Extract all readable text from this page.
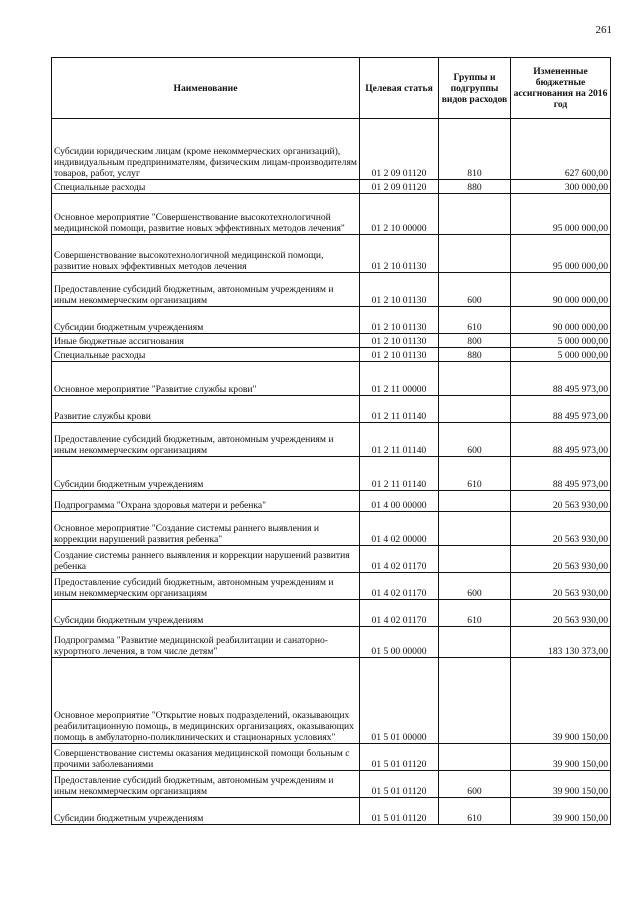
261
Наименование	Целевая статья	Группы и подгруппы видов расходов	Измененные бюджетные ассигнования на 2016 год
Субсидии юридическим лицам (кроме некоммерческих организаций), индивидуальным предпринимателям, физическим лицам-производителям товаров, работ, услуг	01 2 09 01120	810	627 600,00
Специальные расходы	01 2 09 01120	880	300 000,00
Основное мероприятие "Совершенствование высокотехнологичной медицинской помощи, развитие новых эффективных методов лечения"	01 2 10 00000		95 000 000,00
Совершенствование высокотехнологичной медицинской помощи, развитие новых эффективных методов лечения	01 2 10 01130		95 000 000,00
Предоставление субсидий бюджетным, автономным учреждениям и иным некоммерческим организациям	01 2 10 01130	600	90 000 000,00
Субсидии бюджетным учреждениям	01 2 10 01130	610	90 000 000,00
Иные бюджетные ассигнования	01 2 10 01130	800	5 000 000,00
Специальные расходы	01 2 10 01130	880	5 000 000,00
Основное мероприятие "Развитие службы крови"	01 2 11 00000		88 495 973,00
Развитие службы крови	01 2 11 01140		88 495 973,00
Предоставление субсидий бюджетным, автономным учреждениям и иным некоммерческим организациям	01 2 11 01140	600	88 495 973,00
Субсидии бюджетным учреждениям	01 2 11 01140	610	88 495 973,00
Подпрограмма "Охрана здоровья матери и ребенка"	01 4 00 00000		20 563 930,00
Основное мероприятие "Создание системы раннего выявления и коррекции нарушений развития ребенка"	01 4 02 00000		20 563 930,00
Создание системы раннего выявления и коррекции нарушений развития ребенка	01 4 02 01170		20 563 930,00
Предоставление субсидий бюджетным, автономным учреждениям и иным некоммерческим организациям	01 4 02 01170	600	20 563 930,00
Субсидии бюджетным учреждениям	01 4 02 01170	610	20 563 930,00
Подпрограмма "Развитие медицинской реабилитации и санаторно-курортного лечения, в том числе детям"	01 5 00 00000		183 130 373,00
Основное мероприятие "Открытие новых подразделений, оказывающих реабилитационную помощь, в медицинских организациях, оказывающих помощь в амбулаторно-поликлинических и стационарных условиях"	01 5 01 00000		39 900 150,00
Совершенствование системы оказания медицинской помощи больным с прочими заболеваниями	01 5 01 01120		39 900 150,00
Предоставление субсидий бюджетным, автономным учреждениям и иным некоммерческим организациям	01 5 01 01120	600	39 900 150,00
Субсидии бюджетным учреждениям	01 5 01 01120	610	39 900 150,00
